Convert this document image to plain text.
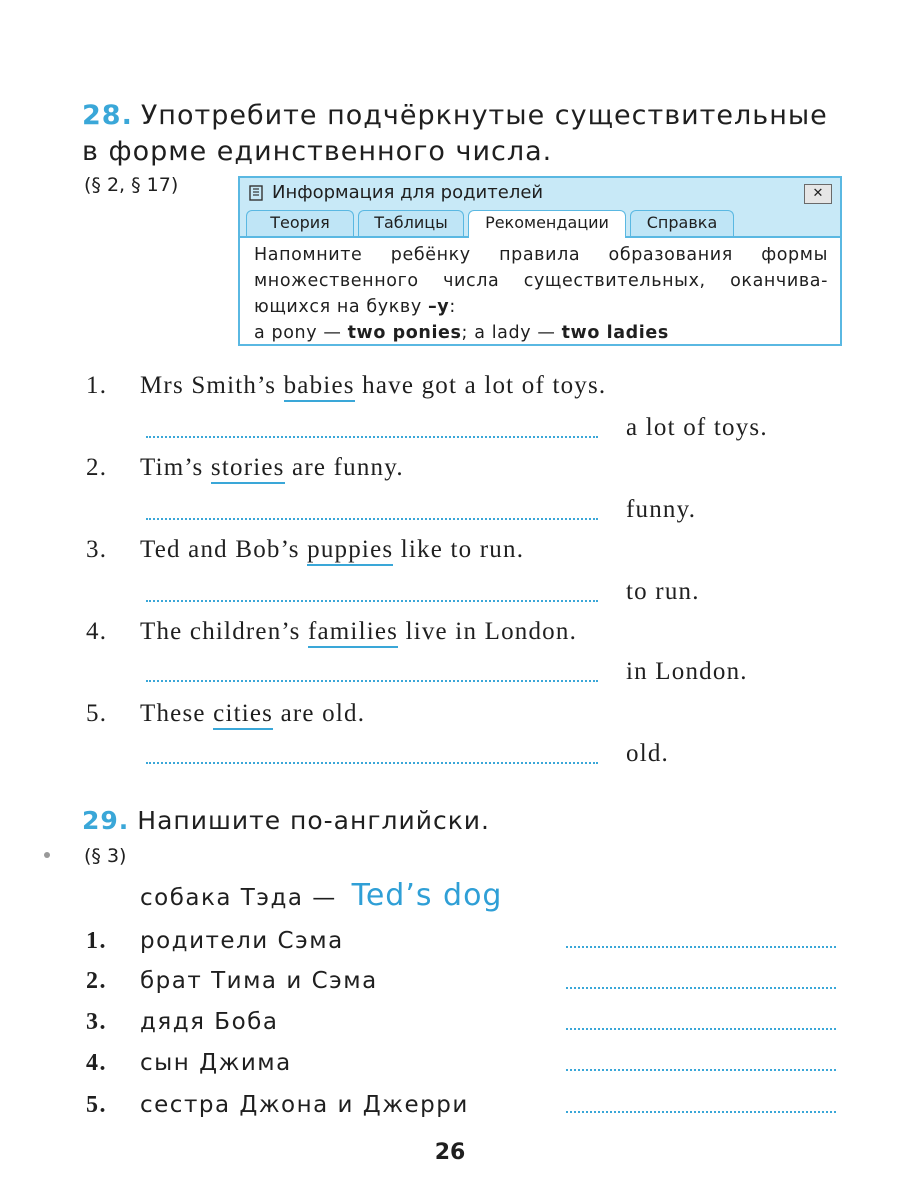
28. Употребите подчёркнутые существительные в форме единственного числа.
(§ 2, § 17)	Информация для родителей	✕
Теория	Таблицы	Рекомендации	Справка
Напомните ребёнку правила образования формы множественного числа существительных, оканчива- ющихся на букву –у:
a pony — two ponies; a lady — two ladies
1. Mrs Smith’s babies have got a lot of toys.
a lot of toys.
2. Tim’s stories are funny.
funny.
3. Ted and Bob’s puppies like to run.
to run.
4. The children’s families live in London.
in London.
5. These cities are old.
old.
29. Напишите по-английски.
(§ 3)
собака Тэда — Ted’s dog
1. родители Сэма
2. брат Тима и Сэма
3. дядя Боба
4. сын Джима
5. сестра Джона и Джерри
26
